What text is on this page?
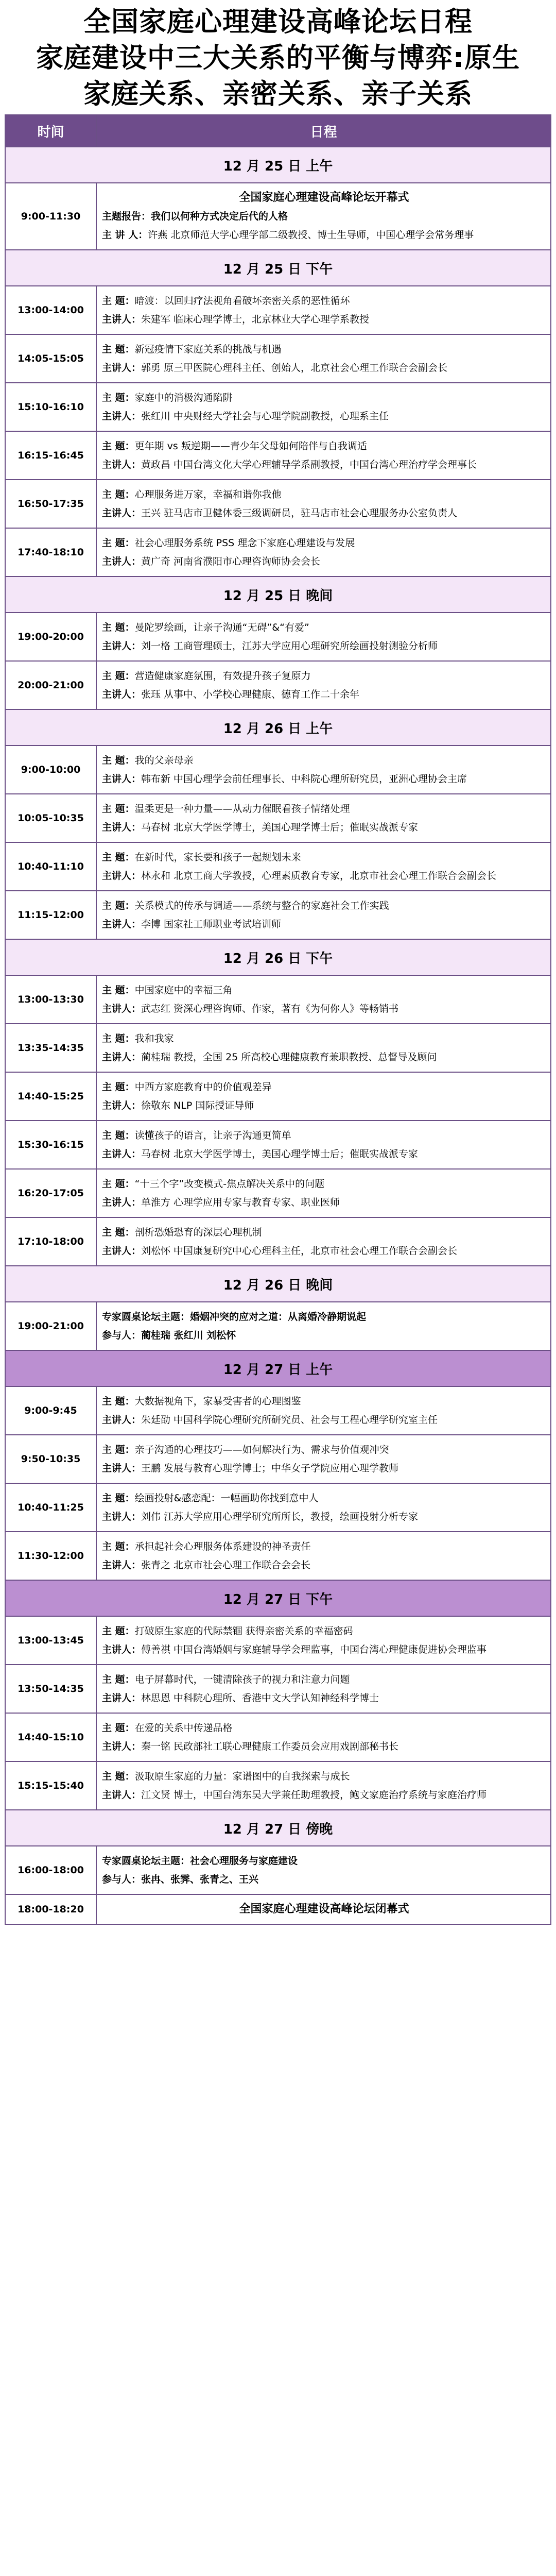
全国家庭心理建设高峰论坛日程
家庭建设中三大关系的平衡与博弈:原生
家庭关系、亲密关系、亲子关系
时间	日程
12 月 25 日 上午	
9:00-11:30	全国家庭心理建设高峰论坛开幕式
主题报告：我们以何种方式决定后代的人格
主 讲 人：许燕 北京师范大学心理学部二级教授、博士生导师，中国心理学会常务理事

12 月 25 日 下午	
13:00-14:00	主 题：暗渡：以回归疗法视角看破坏亲密关系的恶性循环
主讲人：朱建军 临床心理学博士，北京林业大学心理学系教授

14:05-15:05	主 题：新冠疫情下家庭关系的挑战与机遇
主讲人：郭勇 原三甲医院心理科主任、创始人，北京社会心理工作联合会副会长

15:10-16:10	主 题：家庭中的消极沟通陷阱
主讲人：张红川 中央财经大学社会与心理学院副教授，心理系主任

16:15-16:45	主 题：更年期 vs 叛逆期——青少年父母如何陪伴与自我调适
主讲人：黄政昌 中国台湾文化大学心理辅导学系副教授，中国台湾心理治疗学会理事长

16:50-17:35	主 题：心理服务进万家，幸福和谐你我他
主讲人：王兴 驻马店市卫健体委三级调研员，驻马店市社会心理服务办公室负责人

17:40-18:10	主 题：社会心理服务系统 PSS 理念下家庭心理建设与发展
主讲人：黄广奇 河南省濮阳市心理咨询师协会会长

12 月 25 日 晚间	
19:00-20:00	主 题：曼陀罗绘画，让亲子沟通“无碍”&“有爱”
主讲人：刘一格 工商管理硕士，江苏大学应用心理研究所绘画投射测验分析师

20:00-21:00	主 题：营造健康家庭氛围，有效提升孩子复原力
主讲人：张珏 从事中、小学校心理健康、德育工作二十余年

12 月 26 日 上午	
9:00-10:00	主 题：我的父亲母亲
主讲人：韩布新 中国心理学会前任理事长、中科院心理所研究员，亚洲心理协会主席

10:05-10:35	主 题：温柔更是一种力量——从动力催眠看孩子情绪处理
主讲人：马春树 北京大学医学博士，美国心理学博士后；催眠实战派专家

10:40-11:10	主 题：在新时代，家长要和孩子一起规划未来
主讲人：林永和 北京工商大学教授，心理素质教育专家，北京市社会心理工作联合会副会长

11:15-12:00	主 题：关系模式的传承与调适——系统与整合的家庭社会工作实践
主讲人：李博 国家社工师职业考试培训师

12 月 26 日 下午	
13:00-13:30	主 题：中国家庭中的幸福三角
主讲人：武志红 资深心理咨询师、作家，著有《为何你人》等畅销书

13:35-14:35	主 题：我和我家
主讲人：蔺桂瑞 教授，全国 25 所高校心理健康教育兼职教授、总督导及顾问

14:40-15:25	主 题：中西方家庭教育中的价值观差异
主讲人：徐敬东 NLP 国际授证导师

15:30-16:15	主 题：读懂孩子的语言，让亲子沟通更简单
主讲人：马春树 北京大学医学博士，美国心理学博士后；催眠实战派专家

16:20-17:05	主 题：“十三个字”改变模式-焦点解决关系中的问题
主讲人：单淮方 心理学应用专家与教育专家、职业医师

17:10-18:00	主 题：剖析恐婚恐育的深层心理机制
主讲人：刘松怀 中国康复研究中心心理科主任，北京市社会心理工作联合会副会长

12 月 26 日 晚间	
19:00-21:00	专家圆桌论坛主题：婚姻冲突的应对之道：从离婚冷静期说起
参与人：蔺桂瑞 张红川 刘松怀

12 月 27 日 上午	
9:00-9:45	主 题：大数据视角下，家暴受害者的心理图鉴
主讲人：朱廷劭 中国科学院心理研究所研究员、社会与工程心理学研究室主任

9:50-10:35	主 题：亲子沟通的心理技巧——如何解决行为、需求与价值观冲突
主讲人：王鹏 发展与教育心理学博士；中华女子学院应用心理学教师

10:40-11:25	主 题：绘画投射&感恋配：一幅画助你找到意中人
主讲人：刘伟 江苏大学应用心理学研究所所长，教授，绘画投射分析专家

11:30-12:00	主 题：承担起社会心理服务体系建设的神圣责任
主讲人：张青之 北京市社会心理工作联合会会长

12 月 27 日 下午	
13:00-13:45	主 题：打破原生家庭的代际禁锢 获得亲密关系的幸福密码
主讲人：傅善祺 中国台湾婚姻与家庭辅导学会理监事，中国台湾心理健康促进协会理监事

13:50-14:35	主 题：电子屏幕时代，一键清除孩子的视力和注意力问题
主讲人：林思恩 中科院心理所、香港中文大学认知神经科学博士

14:40-15:10	主 题：在爱的关系中传递品格
主讲人：秦一铭 民政部社工联心理健康工作委员会应用戏剧部秘书长

15:15-15:40	主 题：汲取原生家庭的力量：家谱图中的自我探索与成长
主讲人：江文贤 博士，中国台湾东吴大学兼任助理教授，鲍文家庭治疗系统与家庭治疗师

12 月 27 日 傍晚	
16:00-18:00	专家圆桌论坛主题：社会心理服务与家庭建设
参与人：张冉、张霁、张青之、王兴

18:00-18:20	全国家庭心理建设高峰论坛闭幕式
